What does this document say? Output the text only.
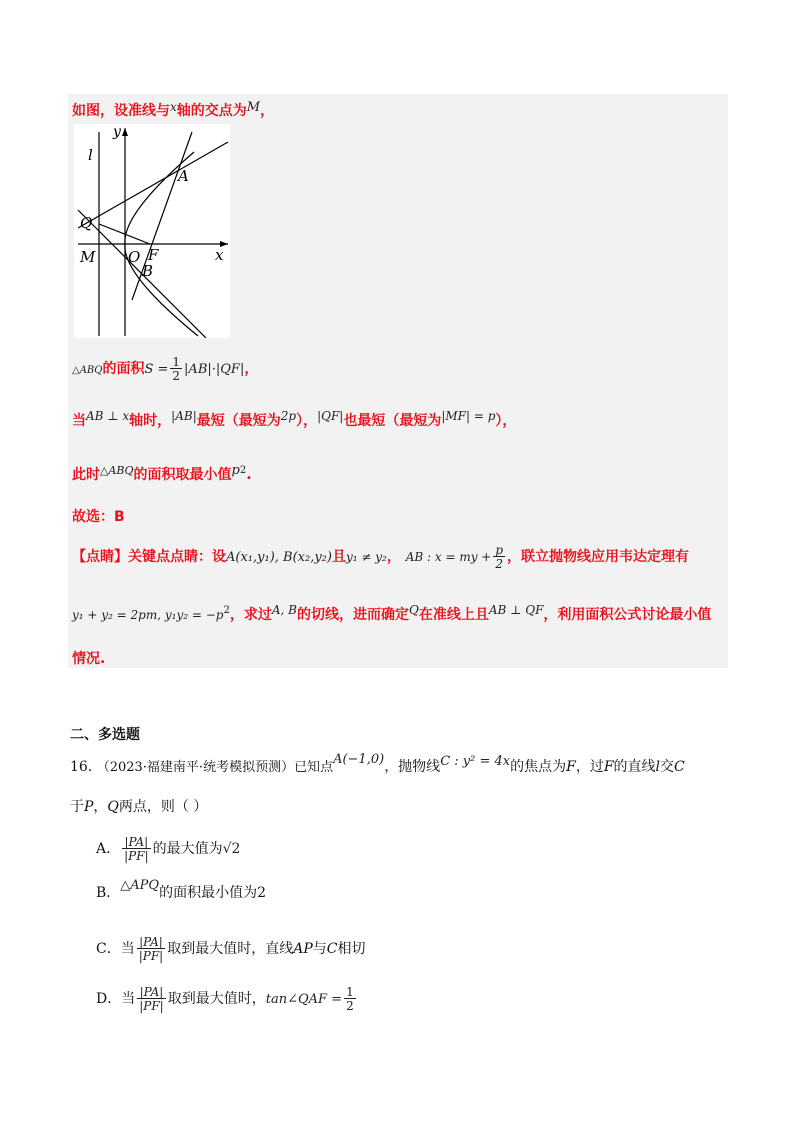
如图，设准线与x轴的交点为M，
y
l
A
Q
M O F
B
x
△ABQ的面积$S = \frac{1}{2} |AB|\cdot|QF|$，
当AB ⊥ x轴时，|AB|最短（最短为2p），|QF|也最短（最短为|MF| = p），
此时$^{\triangle ABQ}$的面积取最小值$p^2$.
故选：B
【点睛】关键点点睛：设A(x₁,y₁), B(x₂,y₂)且y₁ ≠ y₂， AB : x = my + $\frac{p}{2}$ ，联立抛物线应用韦达定理有
y₁ + y₂ = 2pm, $y_1y_2 = -p^2$，求过A, B的切线，进而确定Q在准线上且AB ⊥ QF，利用面积公式讨论最小值
情况.
二、多选题
16. （2023·福建南平·统考模拟预测）已知点A(−1,0)，抛物线C : y² = 4x的焦点为F，过F的直线l交C
于P，Q两点，则（ ）
A． $\frac{|PA|}{|PF|}$ 的最大值为√2
B．△APQ的面积最小值为2
C．当 $\frac{|PA|}{|PF|}$ 取到最大值时，直线AP与C相切
D．当 $\frac{|PA|}{|PF|}$ 取到最大值时，tan∠QAF = $\frac{1}{2}$
